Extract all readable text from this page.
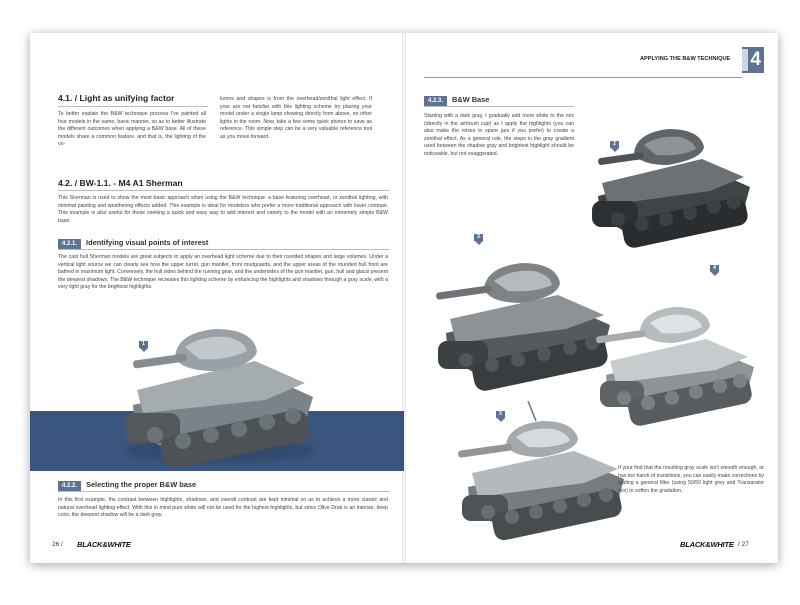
4.1. / Light as unifying factor

To better explain the B&W technique process I've painted all four models in the same, basic manner, so as to better illustrate the different outcomes when applying a B&W base. All of these models share a common feature, and that is, the lighting of the vo-

lumes and shapes is from the overhead/zenithal light effect. If your are not familiar with this lighting scheme try placing your model under a single lamp showing directly from above, no other lights in the room. Now, take a few some quick photos to save as reference. This simple step can be a very valuable reference tool as you move forward.

4.2. / BW-1.1. - M4 A1 Sherman

This Sherman is used to show the most basic approach when using the B&W technique: a base featuring overhead, or zenithal lighting, with minimal painting and weathering effects added. This example is ideal for modelers who prefer a more traditional approach with lower contrast. This example is also useful for those seeking a quick and easy way to add interest and variety to the model with an extremely simple B&W base.

4.2.1. Identifying visual points of interest

The cast hull Sherman models are great subjects to apply an overhead light scheme due to their rounded shapes and large volumes. Under a vertical light source we can clearly see how the upper turret, gun mantlet, front mudguards, and the upper areas of the rounded hull front are bathed in maximum light. Conversely, the hull sides behind the running gear, and the undersides of the gun mantlet, gun, hull and glacis present the deepest shadows. The B&W technique recreates this lighting scheme by enhancing the highlights and shadows through a gray scale, with a very light gray for the brightest highlights.

1
4.2.2. Selecting the proper B&W base

In this first example, the contrast between highlights, shadows, and overall contrast are kept minimal so as to achieve a more classic and natural overhead lighting effect. With this in mind pure white will not be used for the highest highlights, but since Olive Drab is an intense, deep color, the deepest shadow will be a dark gray.

26 / BLACK&WHITE
APPLYING THE B&W TECHNIQUE 4
4.2.3. B&W Base

Starting with a dark gray, I gradually add more white to the mix (directly in the airbrush cup) as I apply the highlights (you can also make the mixes in spare jars if you prefer) to create a zenithal effect. As a general rule, the steps in the gray gradient used between the shadow gray and brightest highlight should be noticeable, but not exaggerated.

2
3
4
5

If your find that the resulting gray scale isn't smooth enough, or has too harsh of transitions, you can easily make corrections by adding a general filter (using 50/50 light grey and Transarator mix) to soften the gradation.

BLACK&WHITE / 27
